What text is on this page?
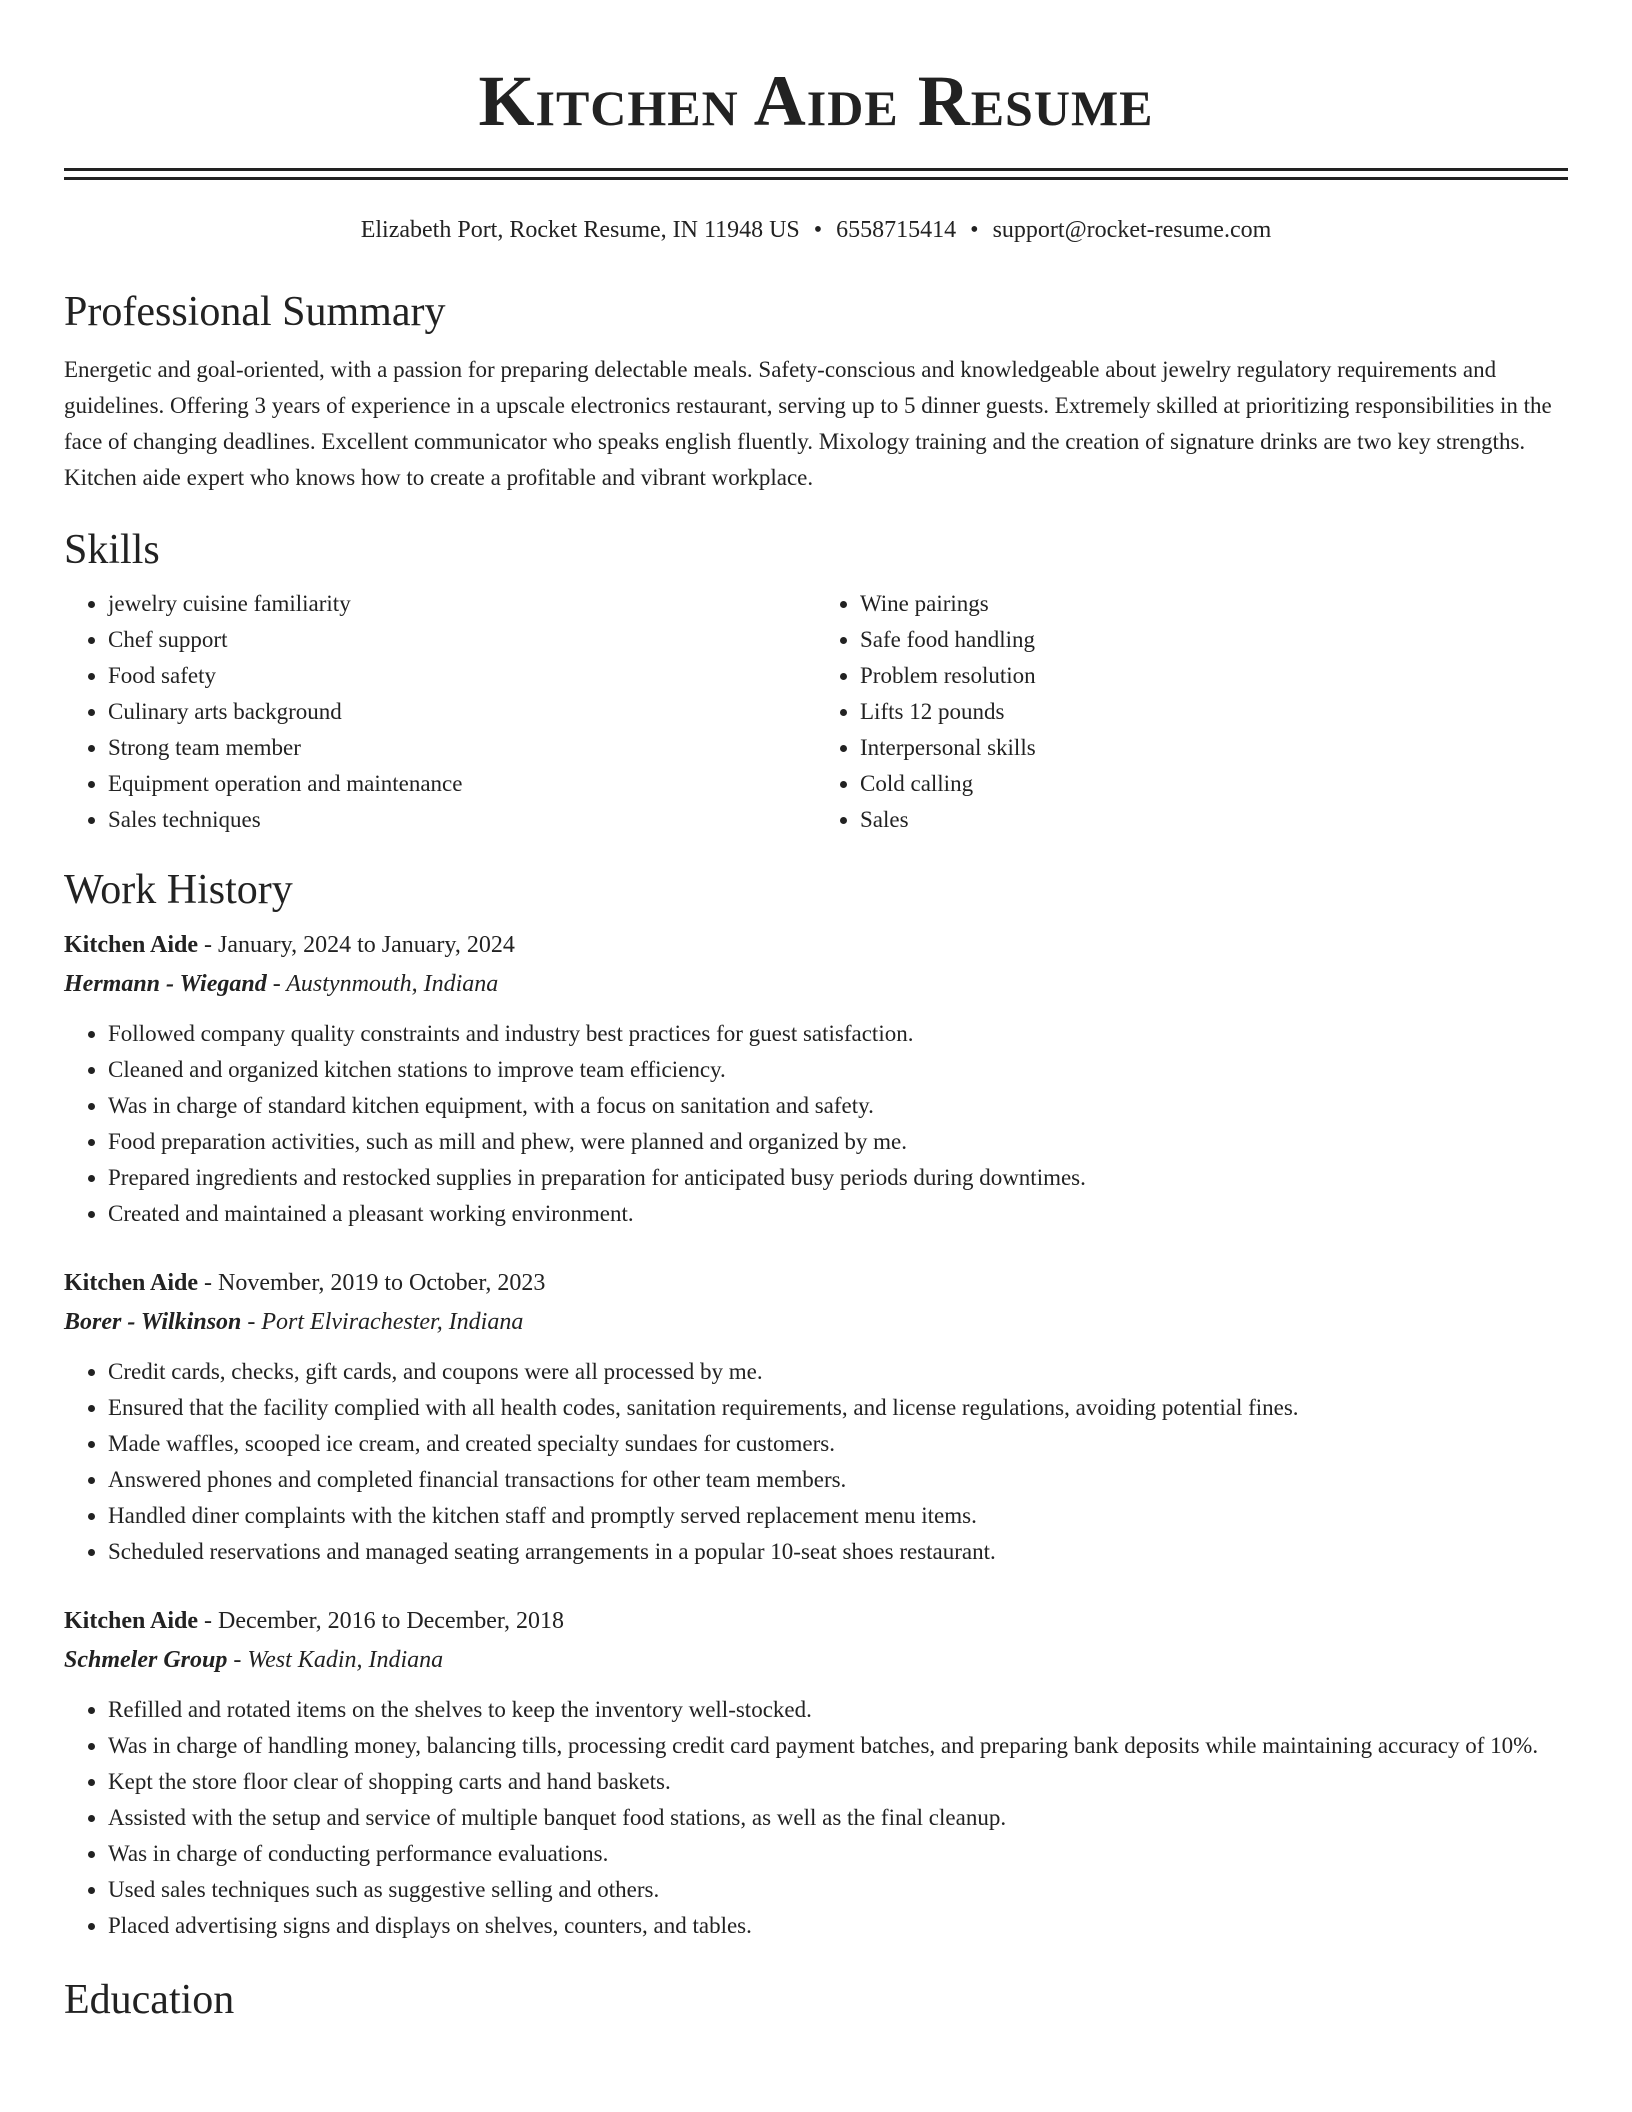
Kitchen Aide Resume
Elizabeth Port, Rocket Resume, IN 11948 US • 6558715414 • support@rocket-resume.com
Professional Summary

Energetic and goal-oriented, with a passion for preparing delectable meals. Safety-conscious and knowledgeable about jewelry regulatory requirements and guidelines. Offering 3 years of experience in a upscale electronics restaurant, serving up to 5 dinner guests. Extremely skilled at prioritizing responsibilities in the face of changing deadlines. Excellent communicator who speaks english fluently. Mixology training and the creation of signature drinks are two key strengths. Kitchen aide expert who knows how to create a profitable and vibrant workplace.

Skills
• jewelry cuisine familiarity
• Chef support
• Food safety
• Culinary arts background
• Strong team member
• Equipment operation and maintenance
• Sales techniques
• Wine pairings
• Safe food handling
• Problem resolution
• Lifts 12 pounds
• Interpersonal skills
• Cold calling
• Sales
Work History
Kitchen Aide - January, 2024 to January, 2024
Hermann - Wiegand - Austynmouth, Indiana
• Followed company quality constraints and industry best practices for guest satisfaction.
• Cleaned and organized kitchen stations to improve team efficiency.
• Was in charge of standard kitchen equipment, with a focus on sanitation and safety.
• Food preparation activities, such as mill and phew, were planned and organized by me.
• Prepared ingredients and restocked supplies in preparation for anticipated busy periods during downtimes.
• Created and maintained a pleasant working environment.
Kitchen Aide - November, 2019 to October, 2023
Borer - Wilkinson - Port Elvirachester, Indiana
• Credit cards, checks, gift cards, and coupons were all processed by me.
• Ensured that the facility complied with all health codes, sanitation requirements, and license regulations, avoiding potential fines.
• Made waffles, scooped ice cream, and created specialty sundaes for customers.
• Answered phones and completed financial transactions for other team members.
• Handled diner complaints with the kitchen staff and promptly served replacement menu items.
• Scheduled reservations and managed seating arrangements in a popular 10-seat shoes restaurant.
Kitchen Aide - December, 2016 to December, 2018
Schmeler Group - West Kadin, Indiana
• Refilled and rotated items on the shelves to keep the inventory well-stocked.
• Was in charge of handling money, balancing tills, processing credit card payment batches, and preparing bank deposits while maintaining accuracy of 10%.
• Kept the store floor clear of shopping carts and hand baskets.
• Assisted with the setup and service of multiple banquet food stations, as well as the final cleanup.
• Was in charge of conducting performance evaluations.
• Used sales techniques such as suggestive selling and others.
• Placed advertising signs and displays on shelves, counters, and tables.
Education
